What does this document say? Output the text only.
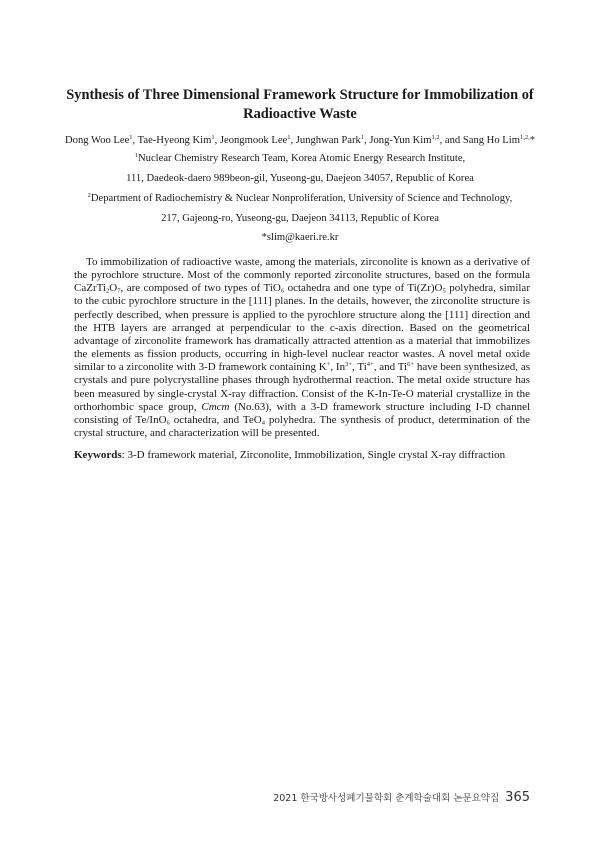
Synthesis of Three Dimensional Framework Structure for Immobilization of Radioactive Waste
Dong Woo Lee$^1$, Tae-Hyeong Kim$^1$, Jeongmook Lee$^1$, Junghwan Park$^1$, Jong-Yun Kim$^{1,2}$, and Sang Ho Lim$^{1,2,}$*
$^1$Nuclear Chemistry Research Team, Korea Atomic Energy Research Institute,
111, Daedeok-daero 989beon-gil, Yuseong-gu, Daejeon 34057, Republic of Korea
$^2$Department of Radiochemistry & Nuclear Nonproliferation, University of Science and Technology,
217, Gajeong-ro, Yuseong-gu, Daejeon 34113, Republic of Korea
*slim@kaeri.re.kr

To immobilization of radioactive waste, among the materials, zirconolite is known as a derivative of the pyrochlore structure. Most of the commonly reported zirconolite structures, based on the formula $CaZrTi_2O_7$, are composed of two types of TiO$_6$ octahedra and one type of $Ti(Zr)O_5$ polyhedra, similar to the cubic pyrochlore structure in the [111] planes. In the details, however, the zirconolite structure is perfectly described, when pressure is applied to the pyrochlore structure along the [111] direction and the HTB layers are arranged at perpendicular to the c-axis direction. Based on the geometrical advantage of zirconolite framework has dramatically attracted attention as a material that immobilizes the elements as fission products, occurring in high-level nuclear reactor wastes. A novel metal oxide similar to a zirconolite with 3-D framework containing K+, $In^{3+}$, $Ti^{4+}$, and $Ti^{6+}$ have been synthesized, as crystals and pure polycrystalline phases through hydrothermal reaction. The metal oxide structure has been measured by single-crystal X-ray diffraction. Consist of the K-In-Te-O material crystallize in the orthorhombic space group, Cmcm (No.63), with a 3-D framework structure including I-D channel consisting of Te/InO$_6$ octahedra, and TeO$_4$ polyhedra. The synthesis of product, determination of the crystal structure, and characterization will be presented.

Keywords: 3-D framework material, Zirconolite, Immobilization, Single crystal X-ray diffraction

2021 한국방사성폐기물학회 춘계학술대회 논문요약집 365
